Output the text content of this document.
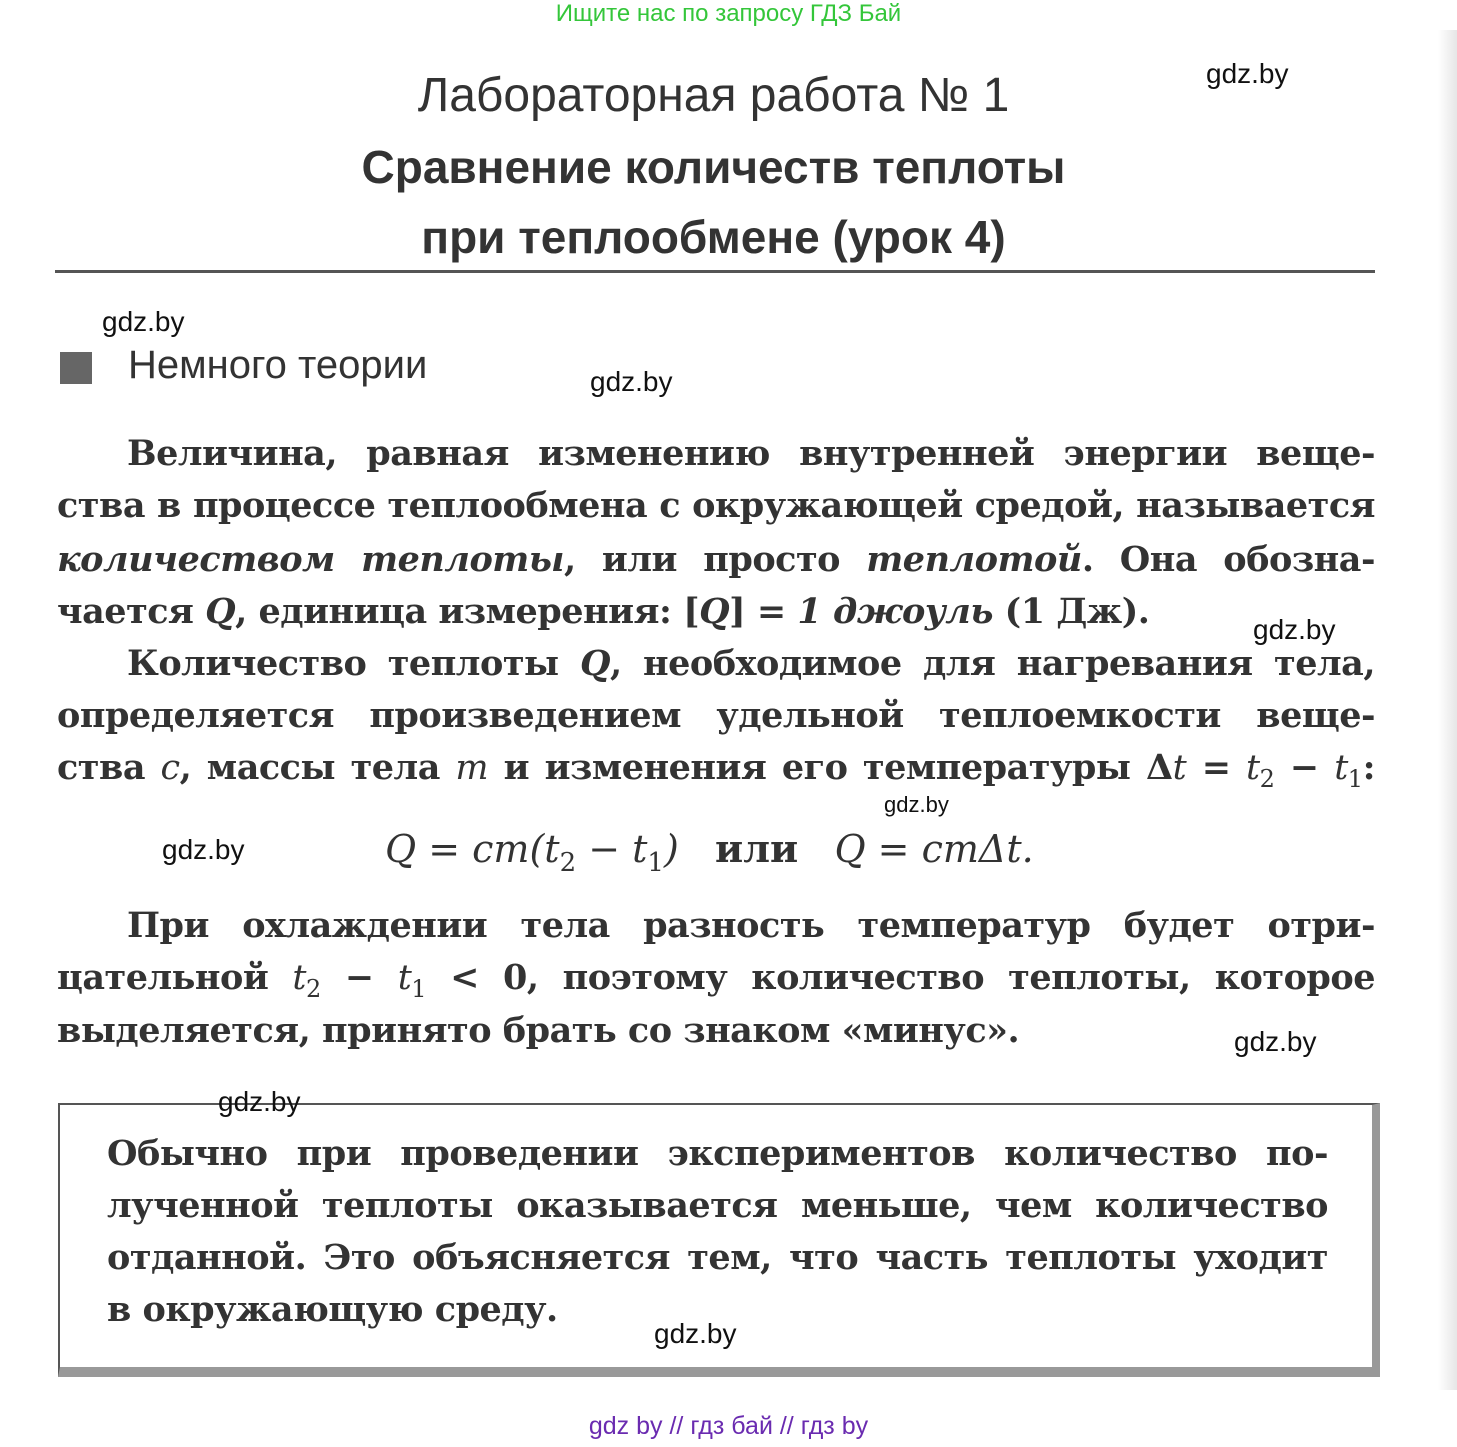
Ищите нас по запросу ГДЗ Бай
Лабораторная работа № 1
Сравнение количеств теплоты
при теплообмене (урок 4)
Немного теории
Величина, равная изменению внутренней энергии веще-
ства в процессе теплообмена с окружающей средой, называется
количеством теплоты, или просто теплотой. Она обозна-
чается Q, единица измерения: [Q] = 1 джоуль (1 Дж).
Количество теплоты Q, необходимое для нагревания тела,
определяется произведением удельной теплоемкости веще-
ства c, массы тела m и изменения его температуры $\Delta t = t_2 - t_1$:
$Q = cm(t_2 - t_1)$ или Q = cmΔt.
При охлаждении тела разность температур будет отри-
цательной $t_2 - t_1 < 0$, поэтому количество теплоты, которое
выделяется, принято брать со знаком «минус».
Обычно при проведении экспериментов количество по-
лученной теплоты оказывается меньше, чем количество
отданной. Это объясняется тем, что часть теплоты уходит
в окружающую среду.
gdz.by
gdz.by
gdz.by
gdz.by
gdz.by
gdz.by
gdz.by
gdz.by
gdz.by
gdz by // гдз бай // гдз by
